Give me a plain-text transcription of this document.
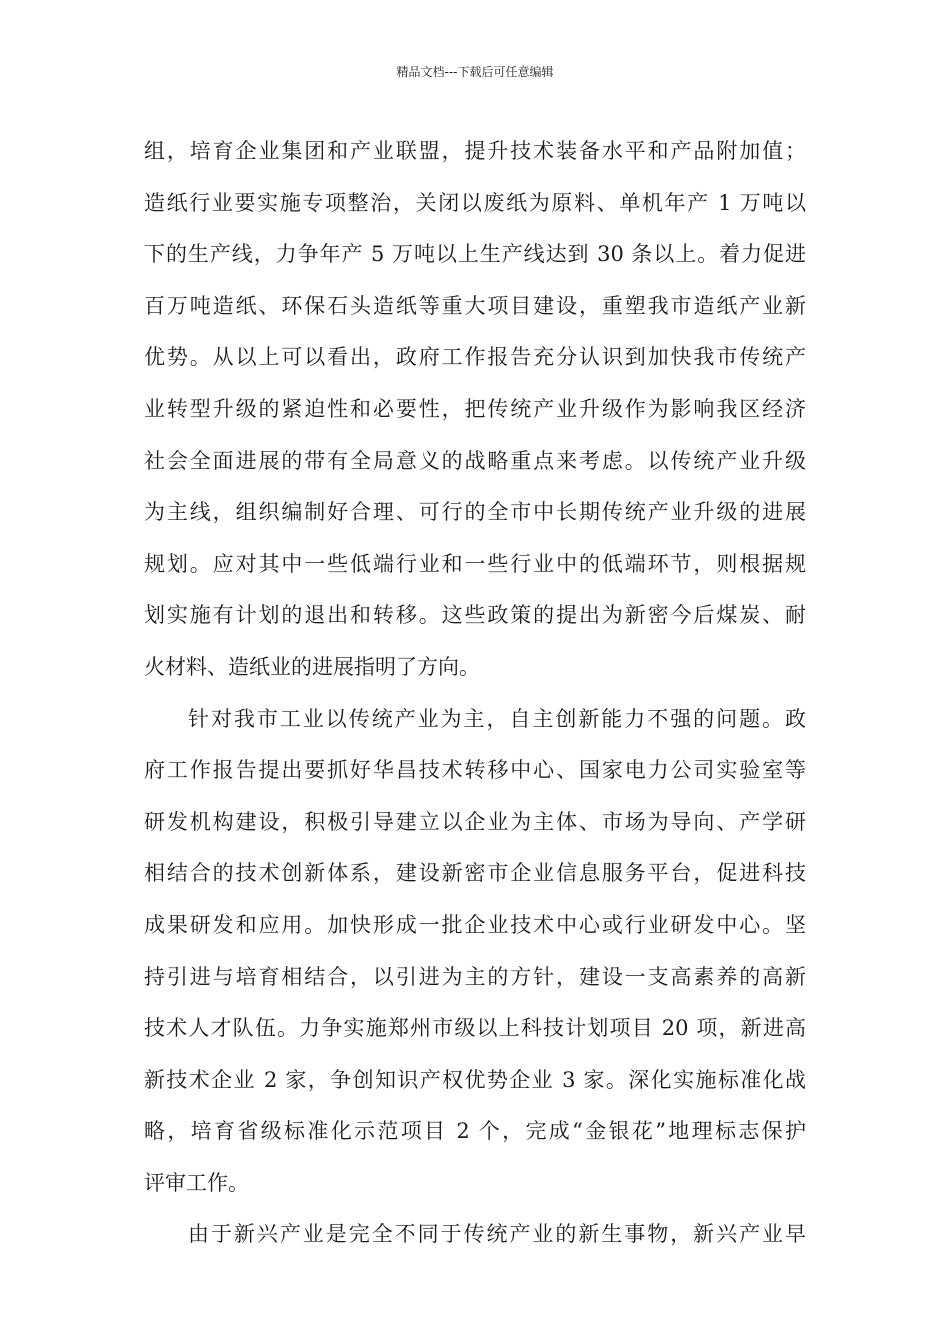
精品文档---下载后可任意编辑
组，培育企业集团和产业联盟，提升技术装备水平和产品附加值；
造纸行业要实施专项整治，关闭以废纸为原料、单机年产 1 万吨以
下的生产线，力争年产 5 万吨以上生产线达到 30 条以上。着力促进
百万吨造纸、环保石头造纸等重大项目建设，重塑我市造纸产业新
优势。从以上可以看出，政府工作报告充分认识到加快我市传统产
业转型升级的紧迫性和必要性，把传统产业升级作为影响我区经济
社会全面进展的带有全局意义的战略重点来考虑。以传统产业升级
为主线，组织编制好合理、可行的全市中长期传统产业升级的进展
规划。应对其中一些低端行业和一些行业中的低端环节，则根据规
划实施有计划的退出和转移。这些政策的提出为新密今后煤炭、耐
火材料、造纸业的进展指明了方向。
针对我市工业以传统产业为主，自主创新能力不强的问题。政
府工作报告提出要抓好华昌技术转移中心、国家电力公司实验室等
研发机构建设，积极引导建立以企业为主体、市场为导向、产学研
相结合的技术创新体系，建设新密市企业信息服务平台，促进科技
成果研发和应用。加快形成一批企业技术中心或行业研发中心。坚
持引进与培育相结合，以引进为主的方针，建设一支高素养的高新
技术人才队伍。力争实施郑州市级以上科技计划项目 20 项，新进高
新技术企业 2 家，争创知识产权优势企业 3 家。深化实施标准化战
略，培育省级标准化示范项目 2 个，完成“金银花”地理标志保护
评审工作。
由于新兴产业是完全不同于传统产业的新生事物，新兴产业早
